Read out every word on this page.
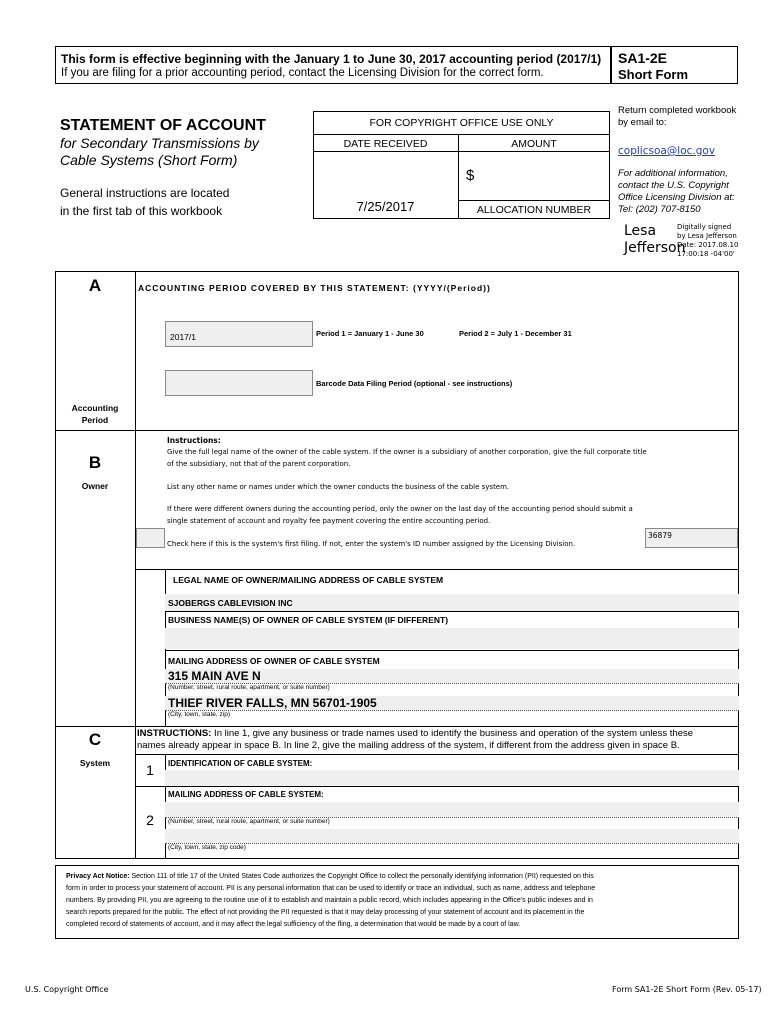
This form is effective beginning with the January 1 to June 30, 2017 accounting period (2017/1)
If you are filing for a prior accounting period, contact the Licensing Division for the correct form.
SA1-2E
Short Form
STATEMENT OF ACCOUNT
for Secondary Transmissions by
Cable Systems (Short Form)
General instructions are located
in the first tab of this workbook
FOR COPYRIGHT OFFICE USE ONLY
DATE RECEIVED	AMOUNT
$
7/25/2017	ALLOCATION NUMBER
Return completed workbook
by email to:
coplicsoa@loc.gov
For additional information,
contact the U.S. Copyright
Office Licensing Division at:
Tel: (202) 707-8150
Lesa
Jefferson
Digitally signed
by Lesa Jefferson
Date: 2017.08.10
17:00:18 -04'00'
A
Accounting
Period
ACCOUNTING PERIOD COVERED BY THIS STATEMENT: (YYYY/(Period))
2017/1	Period 1 = January 1 - June 30	Period 2 = July 1 - December 31
Barcode Data Filing Period (optional - see instructions)
B
Owner
Instructions:
Give the full legal name of the owner of the cable system. If the owner is a subsidiary of another corporation, give the full corporate title
of the subsidiary, not that of the parent corporation.
List any other name or names under which the owner conducts the business of the cable system.
If there were different owners during the accounting period, only the owner on the last day of the accounting period should submit a
single statement of account and royalty fee payment covering the entire accounting period.
Check here if this is the system's first filing. If not, enter the system's ID number assigned by the Licensing Division.
36879
LEGAL NAME OF OWNER/MAILING ADDRESS OF CABLE SYSTEM
SJOBERGS CABLEVISION INC
BUSINESS NAME(S) OF OWNER OF CABLE SYSTEM (IF DIFFERENT)
MAILING ADDRESS OF OWNER OF CABLE SYSTEM
315 MAIN AVE N
(Number, street, rural route, apartment, or suite number)
THIEF RIVER FALLS, MN 56701-1905
(City, town, state, zip)
C
System
INSTRUCTIONS: In line 1, give any business or trade names used to identify the business and operation of the system unless these
names already appear in space B. In line 2, give the mailing address of the system, if different from the address given in space B.
1	IDENTIFICATION OF CABLE SYSTEM:
2
MAILING ADDRESS OF CABLE SYSTEM:
(Number, street, rural route, apartment, or suite number)
(City, town, state, zip code)
Privacy Act Notice: Section 111 of title 17 of the United States Code authorizes the Copyright Office to collect the personally identifying information (PII) requested on this
form in order to process your statement of account. PII is any personal information that can be used to identify or trace an individual, such as name, address and telephone
numbers. By providing PII, you are agreeing to the routine use of it to establish and maintain a public record, which includes appearing in the Office's public indexes and in
search reports prepared for the public. The effect of not providing the PII requested is that it may delay processing of your statement of account and its placement in the
completed record of statements of account, and it may affect the legal sufficiency of the fling, a determination that would be made by a court of law.
U.S. Copyright Office	Form SA1-2E Short Form (Rev. 05-17)
